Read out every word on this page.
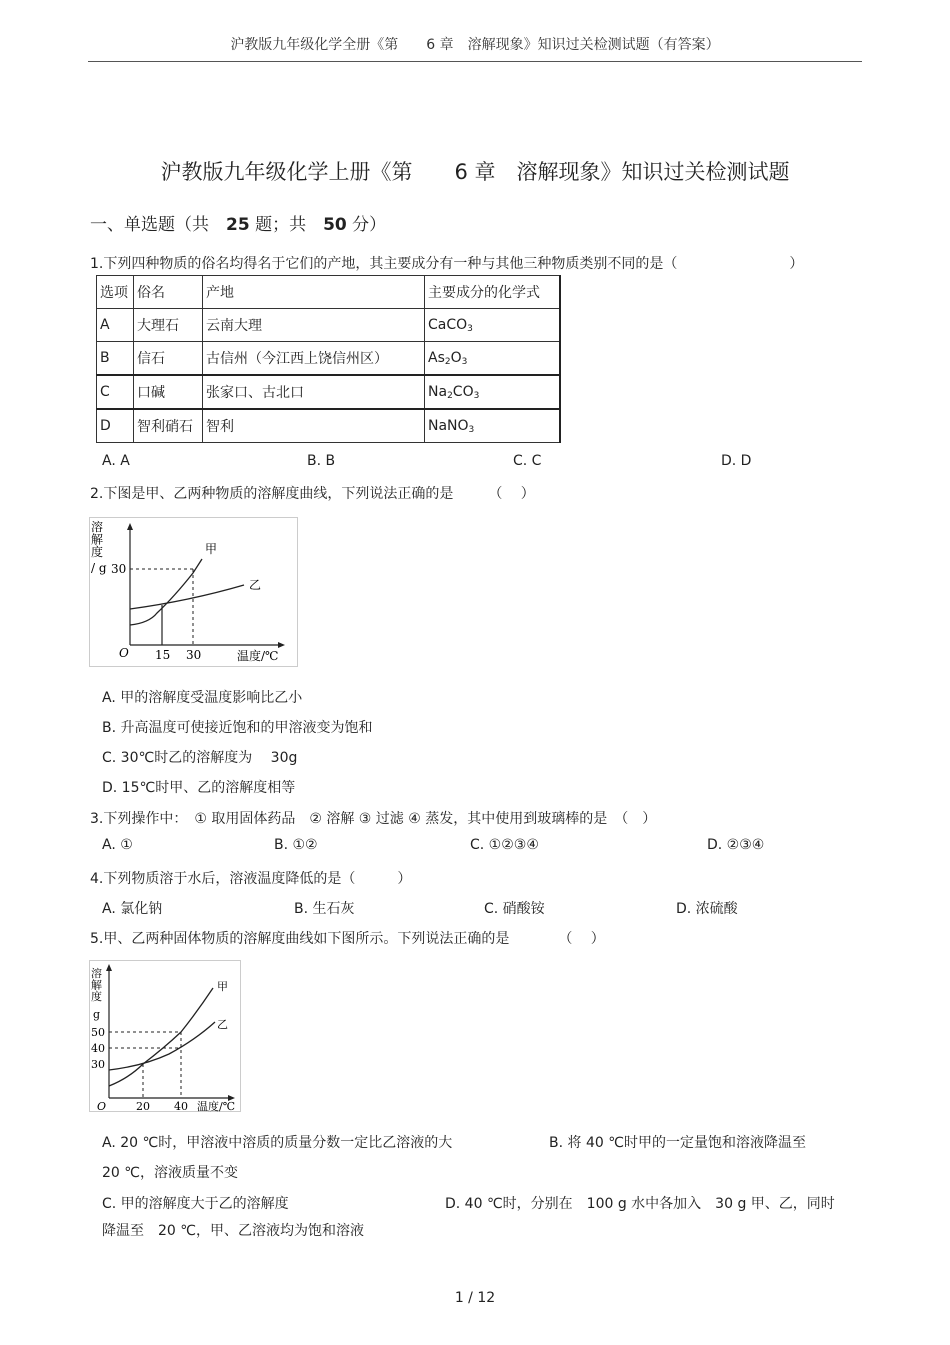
沪教版九年级化学全册《第　　6 章　溶解现象》知识过关检测试题（有答案）
沪教版九年级化学上册《第　　6 章　溶解现象》知识过关检测试题
一、单选题（共　25 题；共　50 分）
1.下列四种物质的俗名均得名于它们的产地，其主要成分有一种与其他三种物质类别不同的是（　　　　　　　　）
选项	俗名	产地	主要成分的化学式
A	大理石	云南大理	CaCO$_3$
B	信石	古信州（今江西上饶信州区）	$As_2O_3$
C	口碱	张家口、古北口	$Na_2CO_3$
D	智利硝石	智利	NaNO$_3$
A. A	B. B	C. C	D. D
2.下图是甲、乙两种物质的溶解度曲线，下列说法正确的是　　　（　 ）
溶解度
/ g 30
O 15 30	温度/℃
甲
乙
A. 甲的溶解度受温度影响比乙小
B. 升高温度可使接近饱和的甲溶液变为饱和
C. 30℃时乙的溶解度为　 30g
D. 15℃时甲、乙的溶解度相等
3.下列操作中：　① 取用固体药品　② 溶解 ③ 过滤 ④ 蒸发，其中使用到玻璃棒的是　（　）
A. ①	B. ①②	C. ①②③④	D. ②③④
4.下列物质溶于水后，溶液温度降低的是（　　　）
A. 氯化钠	B. 生石灰	C. 硝酸铵	D. 浓硫酸
5.甲、乙两种固体物质的溶解度曲线如下图所示。下列说法正确的是　　　　（　 ）
溶解度
g
50
40
30
O	20 40 温度/℃
甲
乙
A. 20 ℃时，甲溶液中溶质的质量分数一定比乙溶液的大	B. 将 40 ℃时甲的一定量饱和溶液降温至
20 ℃，溶液质量不变
C. 甲的溶解度大于乙的溶解度	D. 40 ℃时，分别在　100 g 水中各加入　30 g 甲、乙，同时
降温至　20 ℃，甲、乙溶液均为饱和溶液
1 / 12
